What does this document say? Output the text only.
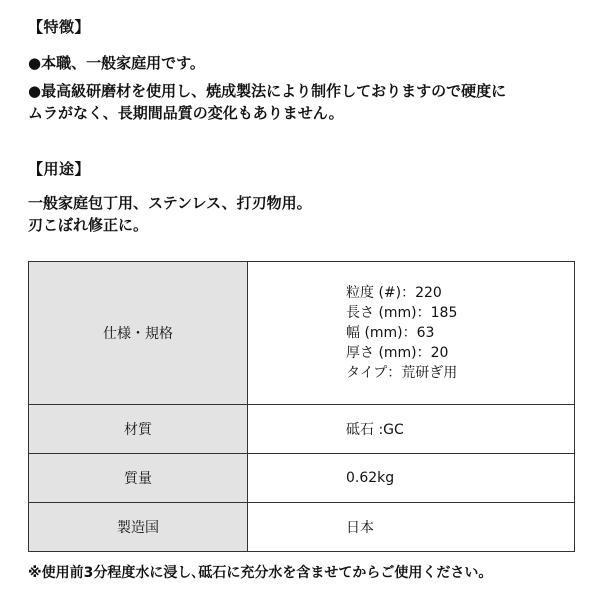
【特徴】
●本職、一般家庭用です。
●最高級研磨材を使用し、焼成製法により制作しておりますので硬度に
ムラがなく、長期間品質の変化もありません。
【用途】
一般家庭包丁用、ステンレス、打刃物用。
刃こぼれ修正に。
仕様・規格	粒度 (#)：220
長さ (mm)：185
幅 (mm)：63
厚さ (mm)：20
タイプ：荒研ぎ用

材質	砥石 :GC
質量	0.62kg
製造国	日本
※使用前3分程度水に浸し､砥石に充分水を含ませてからご使用ください。
